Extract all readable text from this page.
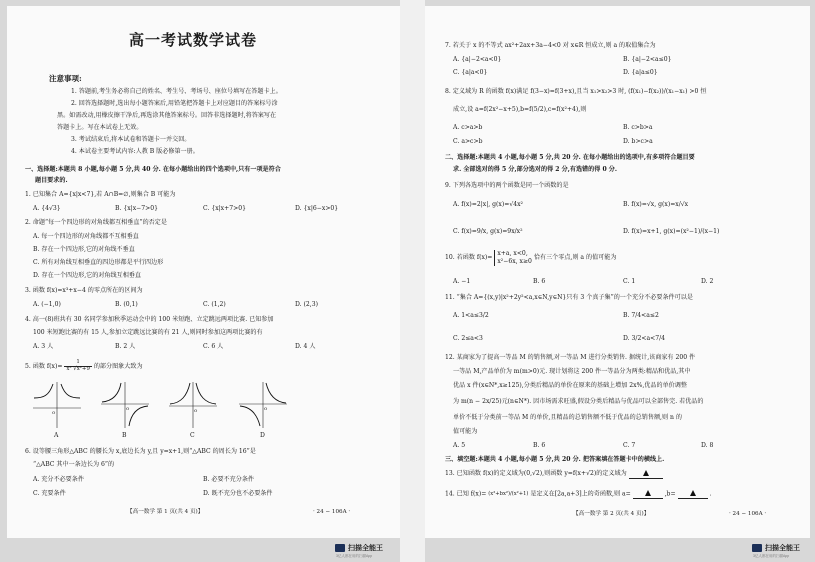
高一考试数学试卷
注意事项:
1. 答题前,考生务必将自己的姓名、考生号、考场号、座位号填写在答题卡上。
2. 回答选择题时,选出每小题答案后,用铅笔把答题卡上对应题目的答案标号涂
黑。如需改动,用橡皮擦干净后,再选涂其他答案标号。回答非选择题时,将答案写在
答题卡上。写在本试卷上无效。
3. 考试结束后,将本试卷和答题卡一并交回。
4. 本试卷主要考试内容:人教 B 版必修第一册。
一、选择题:本题共 8 小题,每小题 5 分,共 40 分. 在每小题给出的四个选项中,只有一项是符合
题目要求的.
1. 已知集合 A={x|x<7},若 A∩B=∅,则集合 B 可能为
A. {4√3}	B. {x|x−7>0}	C. {x|x+7>0}	D. {x|6−x>0}
2. 命题“每一个四边形的对角线都互相垂直”的否定是
A. 每一个四边形的对角线都不互相垂直
B. 存在一个四边形,它的对角线不垂直
C. 所有对角线互相垂直的四边形都是平行四边形
D. 存在一个四边形,它的对角线互相垂直
3. 函数 f(x)=x³+x−4 的零点所在的区间为
A. (−1,0)	B. (0,1)	C. (1,2)	D. (2,3)
4. 高一(8)班共有 30 名同学参加秋季运动会中的 100 米短跑、立定跳远两项比赛. 已知参加
100 米短跑比赛的有 15 人,参加立定跳远比赛的有 21 人,则同时参加这两项比赛的有
A. 3 人	B. 2 人	C. 6 人	D. 4 人
5. 函数 $f(x)= \frac{1}{\text{x² √x²+9}}$ 的部分图象大致为
O
O	O	O
A	B	C	D
6. 设等腰三角形△ABC 的腰长为 x,底边长为 y,且 y=x+1,则“△ABC 的周长为 16”是
“△ABC 其中一条边长为 6”的
A. 充分不必要条件	B. 必要不充分条件
C. 充要条件	D. 既不充分也不必要条件
【高一数学 第 1 页(共 4 页)】	· 24 − 106A ·
扫描全能王
3亿人都在用的扫描App
7. 若关于 x 的不等式 ax²+2ax+3a−4<0 对 x∈R 恒成立,则 a 的取值集合为
A. {a|−2<a<0}	B. {a|−2<a≤0}
C. {a|a<0}	D. {a|a≤0}
8. 定义域为 R 的函数 f(x)满足 f(3−x)=f(3+x),且当 x₁>x₂>3 时, (f(x₁)−f(x₂))/(x₁−x₁) >0 恒
成立,设 a=f(2x²−x+5),b=f(5/2),c=f(x²+4),则
A. c>a>b	B. c>b>a
C. a>c>b	D. b>c>a
二、选择题:本题共 4 小题,每小题 5 分,共 20 分. 在每小题给出的选项中,有多项符合题目要
求. 全部选对的得 5 分,部分选对的得 2 分,有选错的得 0 分.
9. 下列各选项中的两个函数是同一个函数的是
A. f(x)=2|x|, g(x)=√4x²	B. f(x)=√x, g(x)=x/√x
C. f(x)=9/x, g(x)=9x/x²	D. f(x)=x+1, g(x)=(x²−1)/(x−1)
10. 若函数 f(x)=
x+a, x<0,
x²−6x, x≥0
恰有三个零点,则 a 的值可能为
A. −1	B. 6	C. 1	D. 2
11. “集合 A={(x,y)|x²+2y²<a,x∈N,y∈N}只有 3 个真子集”的一个充分不必要条件可以是
A. 1<a≤3/2	B. 7/4<a≤2
C. 2≤a<3	D. 3/2<a<7/4
12. 某商家为了提高一等品 M 的销售额,对一等品 M 进行分类销售. 据统计,该商家有 200 件
一等品 M,产品单价为 m(m>0)元. 现计划将这 200 件一等品分为两类:精品和优品,其中
优品 x 件(x∈N*,x≥125),分类后精品的单价在原来的基础上增加 2x%,优品的单价调整
为 m(n − 2x/25)元(n∈N*). 因市场需求旺盛,假设分类后精品与优品可以全部售完. 若优品的
单价不低于分类前一等品 M 的单价,且精品的总销售额不低于优品的总销售额,则 n 的
值可能为
A. 5	B. 6	C. 7	D. 8
三、填空题:本题共 4 小题,每小题 5 分,共 20 分. 把答案填在答题卡中的横线上.
13. 已知函数 f(x)的定义域为(0,√2),则函数 y=f(x+√2)的定义域为
14. 已知 f(x)= (x²+bx²)/(x²+1) 是定义在[2a,a+3]上的奇函数,则 a=	,b=	.
【高一数学 第 2 页(共 4 页)】	· 24 − 106A ·
扫描全能王
3亿人都在用的扫描App
